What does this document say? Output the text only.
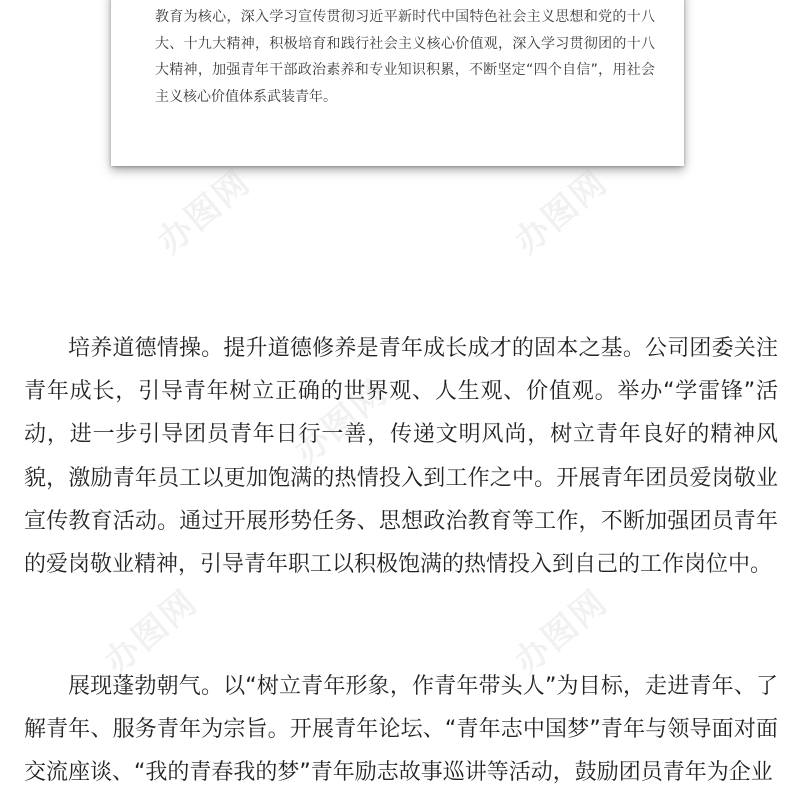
教育为核心，深入学习宣传贯彻习近平新时代中国特色社会主义思想和党的十八大、十九大精神，积极培育和践行社会主义核心价值观，深入学习贯彻团的十八大精神，加强青年干部政治素养和专业知识积累，不断坚定“四个自信”，用社会主义核心价值体系武装青年。

办图网	办图网
办图网
办图网	办图网

培养道德情操。提升道德修养是青年成长成才的固本之基。公司团委关注青年成长，引导青年树立正确的世界观、人生观、价值观。举办“学雷锋”活动，进一步引导团员青年日行一善，传递文明风尚，树立青年良好的精神风貌，激励青年员工以更加饱满的热情投入到工作之中。开展青年团员爱岗敬业宣传教育活动。通过开展形势任务、思想政治教育等工作，不断加强团员青年的爱岗敬业精神，引导青年职工以积极饱满的热情投入到自己的工作岗位中。

展现蓬勃朝气。以“树立青年形象，作青年带头人”为目标，走进青年、了解青年、服务青年为宗旨。开展青年论坛、“青年志中国梦”青年与领导面对面交流座谈、“我的青春我的梦”青年励志故事巡讲等活动，鼓励团员青年为企业
